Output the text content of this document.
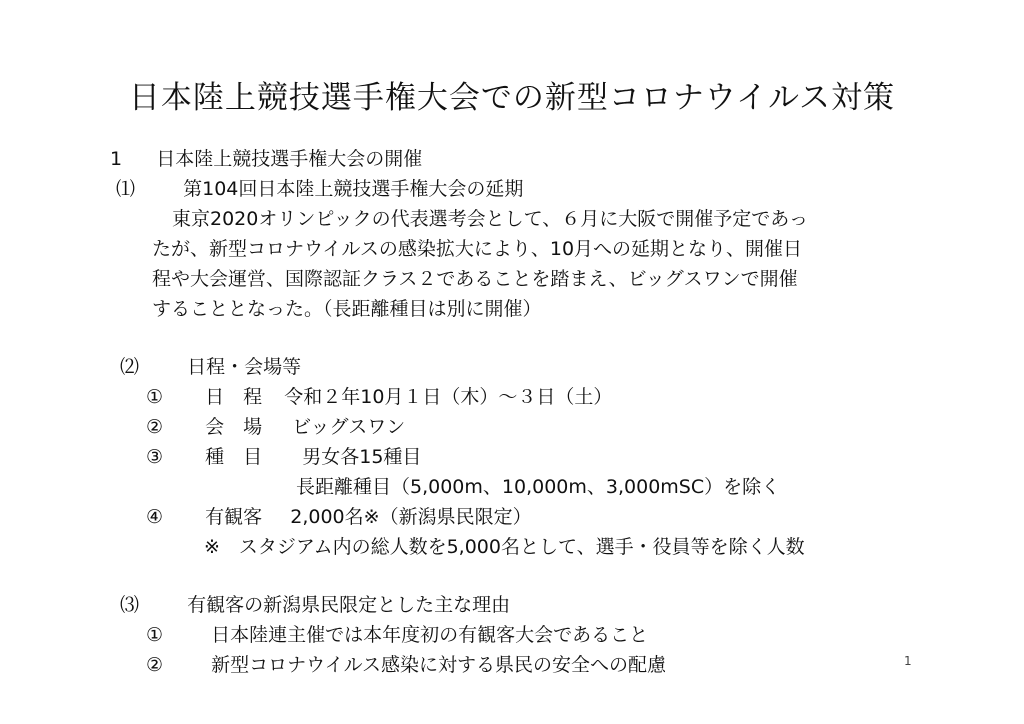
日本陸上競技選手権大会での新型コロナウイルス対策
1 日本陸上競技選手権大会の開催
⑴	第104回日本陸上競技選手権大会の延期
東京2020オリンピックの代表選考会として、６月に大阪で開催予定であっ
たが、新型コロナウイルスの感染拡大により、10月への延期となり、開催日
程や大会運営、国際認証クラス２であることを踏まえ、ビッグスワンで開催
することとなった。（長距離種目は別に開催）
⑵	日程・会場等
① 日　程 令和２年10月１日（木）～３日（土）
② 会　場 ビッグスワン
③ 種　目 男女各15種目
長距離種目（5,000m、10,000m、3,000mSC）を除く
④ 有観客 2,000名※（新潟県民限定）
※　スタジアム内の総人数を5,000名として、選手・役員等を除く人数
⑶	有観客の新潟県民限定とした主な理由
①	日本陸連主催では本年度初の有観客大会であること
②	新型コロナウイルス感染に対する県民の安全への配慮	1
